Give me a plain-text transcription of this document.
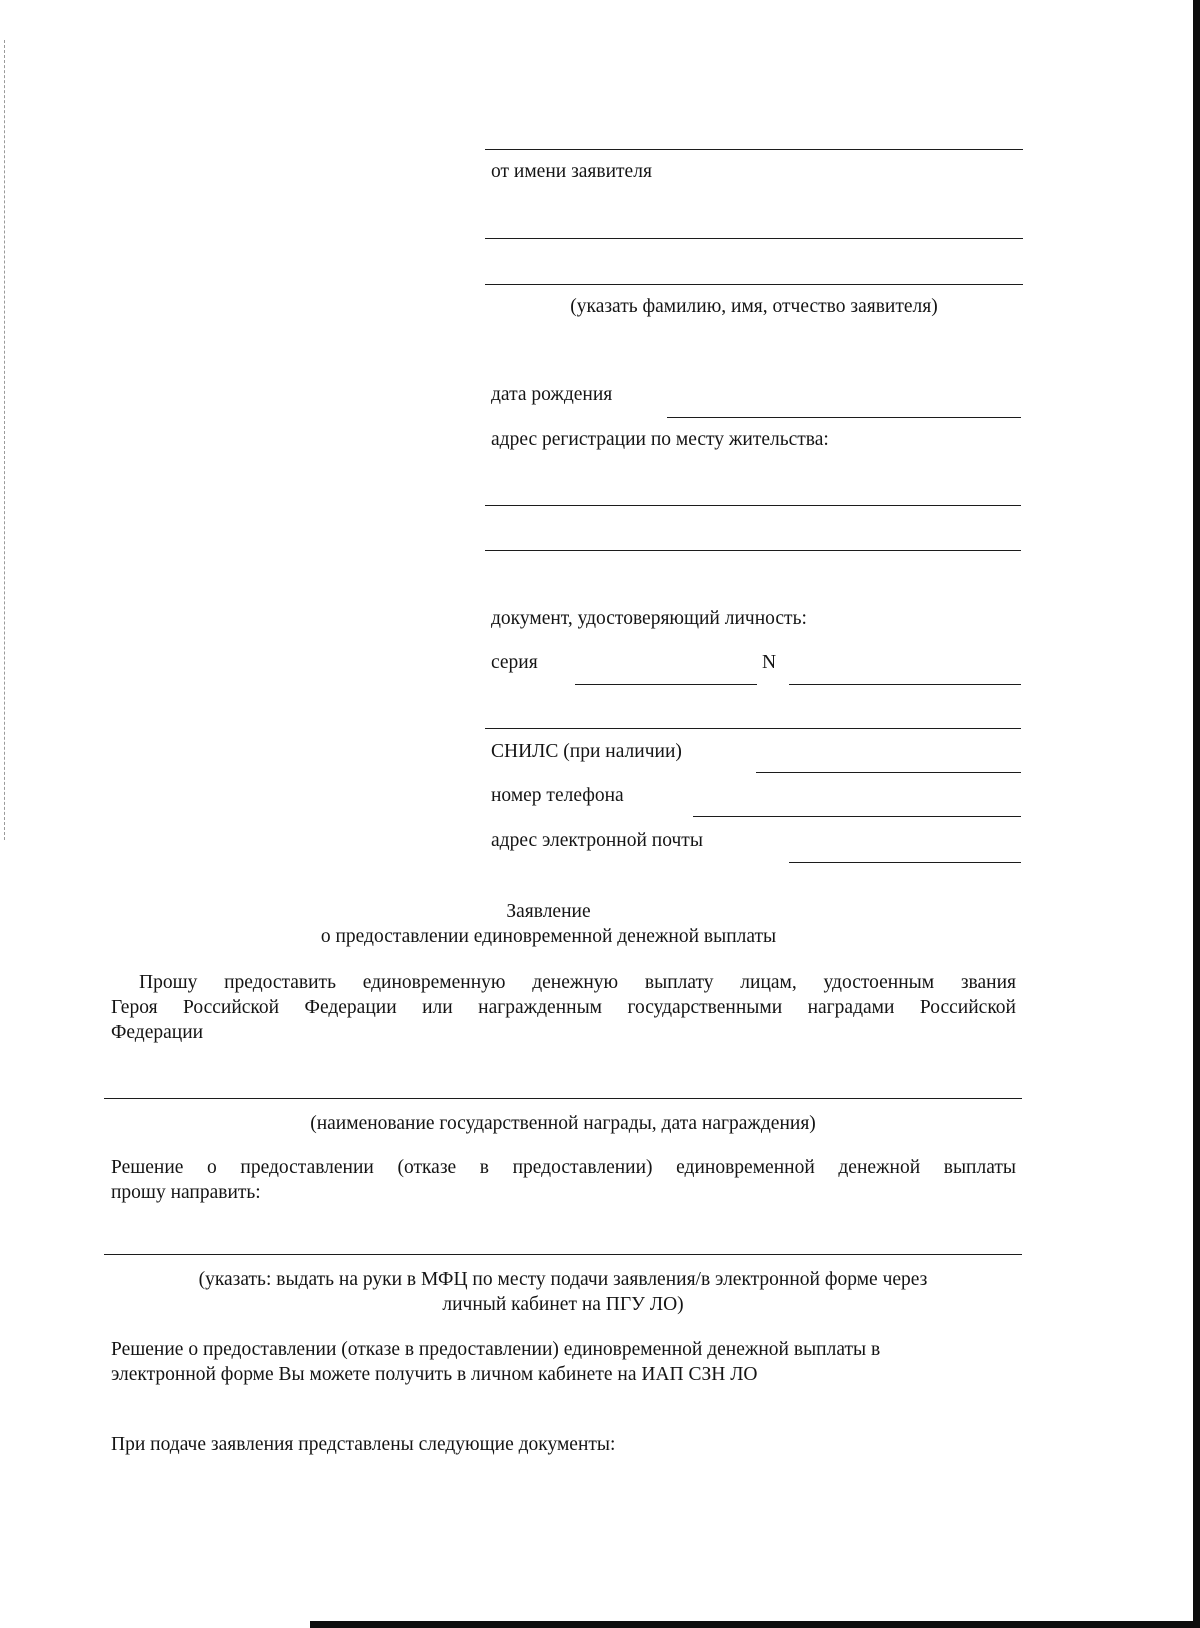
от имени заявителя
(указать фамилию, имя, отчество заявителя)
дата рождения
адрес регистрации по месту жительства:
документ, удостоверяющий личность:
серия	N
СНИЛС (при наличии)
номер телефона
адрес электронной почты
Заявление
о предоставлении единовременной денежной выплаты
Прошу предоставить единовременную денежную выплату лицам, удостоенным звания
Героя Российской Федерации или награжденным государственными наградами Российской
Федерации
(наименование государственной награды, дата награждения)
Решение о предоставлении (отказе в предоставлении) единовременной денежной выплаты
прошу направить:
(указать: выдать на руки в МФЦ по месту подачи заявления/в электронной форме через
личный кабинет на ПГУ ЛО)
Решение о предоставлении (отказе в предоставлении) единовременной денежной выплаты в
электронной форме Вы можете получить в личном кабинете на ИАП СЗН ЛО
При подаче заявления представлены следующие документы:
